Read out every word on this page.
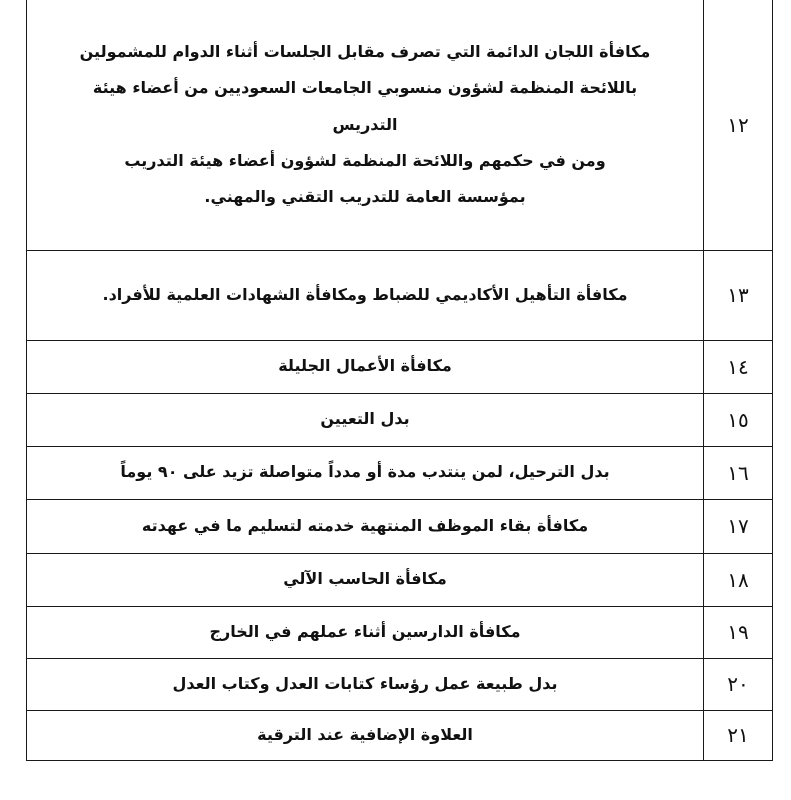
١٢	مكافأة اللجان الدائمة التي تصرف مقابل الجلسات أثناء الدوام للمشمولين
باللائحة المنظمة لشؤون منسوبي الجامعات السعوديين من أعضاء هيئة
التدريس
ومن في حكمهم واللائحة المنظمة لشؤون أعضاء هيئة التدريب
بمؤسسة العامة للتدريب التقني والمهني.

١٣	مكافأة التأهيل الأكاديمي للضباط ومكافأة الشهادات العلمية للأفراد.
١٤	مكافأة الأعمال الجليلة
١٥	بدل التعيين
١٦	بدل الترحيل، لمن ينتدب مدة أو مدداً متواصلة تزيد على ٩٠ يوماً
١٧	مكافأة بقاء الموظف المنتهية خدمته لتسليم ما في عهدته
١٨	مكافأة الحاسب الآلي
١٩	مكافأة الدارسين أثناء عملهم في الخارج
٢٠	بدل طبيعة عمل رؤساء كتابات العدل وكتاب العدل
٢١	العلاوة الإضافية عند الترقية
